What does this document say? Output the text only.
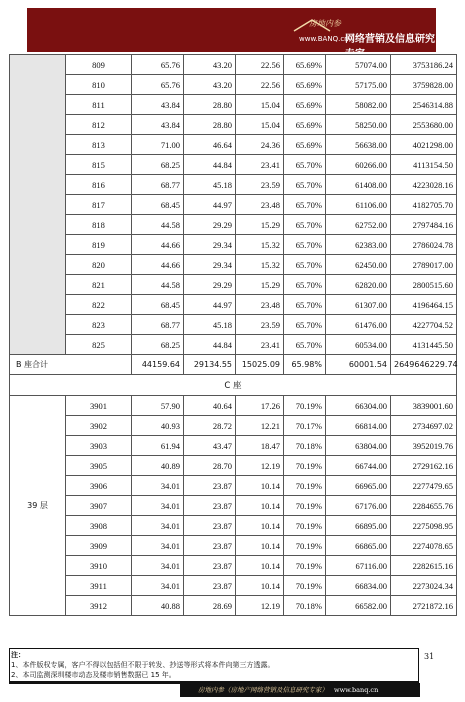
房地内参
www.BANQ.cn
网络营销及信息研究专家
	809	65.76	43.20	22.56	65.69%	57074.00	3753186.24
	810	65.76	43.20	22.56	65.69%	57175.00	3759828.00
	811	43.84	28.80	15.04	65.69%	58082.00	2546314.88
	812	43.84	28.80	15.04	65.69%	58250.00	2553680.00
	813	71.00	46.64	24.36	65.69%	56638.00	4021298.00
	815	68.25	44.84	23.41	65.70%	60266.00	4113154.50
	816	68.77	45.18	23.59	65.70%	61408.00	4223028.16
	817	68.45	44.97	23.48	65.70%	61106.00	4182705.70
	818	44.58	29.29	15.29	65.70%	62752.00	2797484.16
	819	44.66	29.34	15.32	65.70%	62383.00	2786024.78
	820	44.66	29.34	15.32	65.70%	62450.00	2789017.00
	821	44.58	29.29	15.29	65.70%	62820.00	2800515.60
	822	68.45	44.97	23.48	65.70%	61307.00	4196464.15
	823	68.77	45.18	23.59	65.70%	61476.00	4227704.52
	825	68.25	44.84	23.41	65.70%	60534.00	4131445.50
B 座合计		44159.64	29134.55	15025.09	65.98%	60001.54	2649646229.74
C 座							
39 层	3901	57.90	40.64	17.26	70.19%	66304.00	3839001.60
	3902	40.93	28.72	12.21	70.17%	66814.00	2734697.02
	3903	61.94	43.47	18.47	70.18%	63804.00	3952019.76
	3905	40.89	28.70	12.19	70.19%	66744.00	2729162.16
	3906	34.01	23.87	10.14	70.19%	66965.00	2277479.65
	3907	34.01	23.87	10.14	70.19%	67176.00	2284655.76
	3908	34.01	23.87	10.14	70.19%	66895.00	2275098.95
	3909	34.01	23.87	10.14	70.19%	66865.00	2274078.65
	3910	34.01	23.87	10.14	70.19%	67116.00	2282615.16
	3911	34.01	23.87	10.14	70.19%	66834.00	2273024.34
	3912	40.88	28.69	12.19	70.18%	66582.00	2721872.16
注：
1、本件版权专属，客户不得以包括但不限于转发、抄送等形式将本件向第三方透露。
2、本司监测深圳楼市动态及楼市销售数据已 15 年。
31
房地内参（房地产网络营销及信息研究专家） www.banq.cn
